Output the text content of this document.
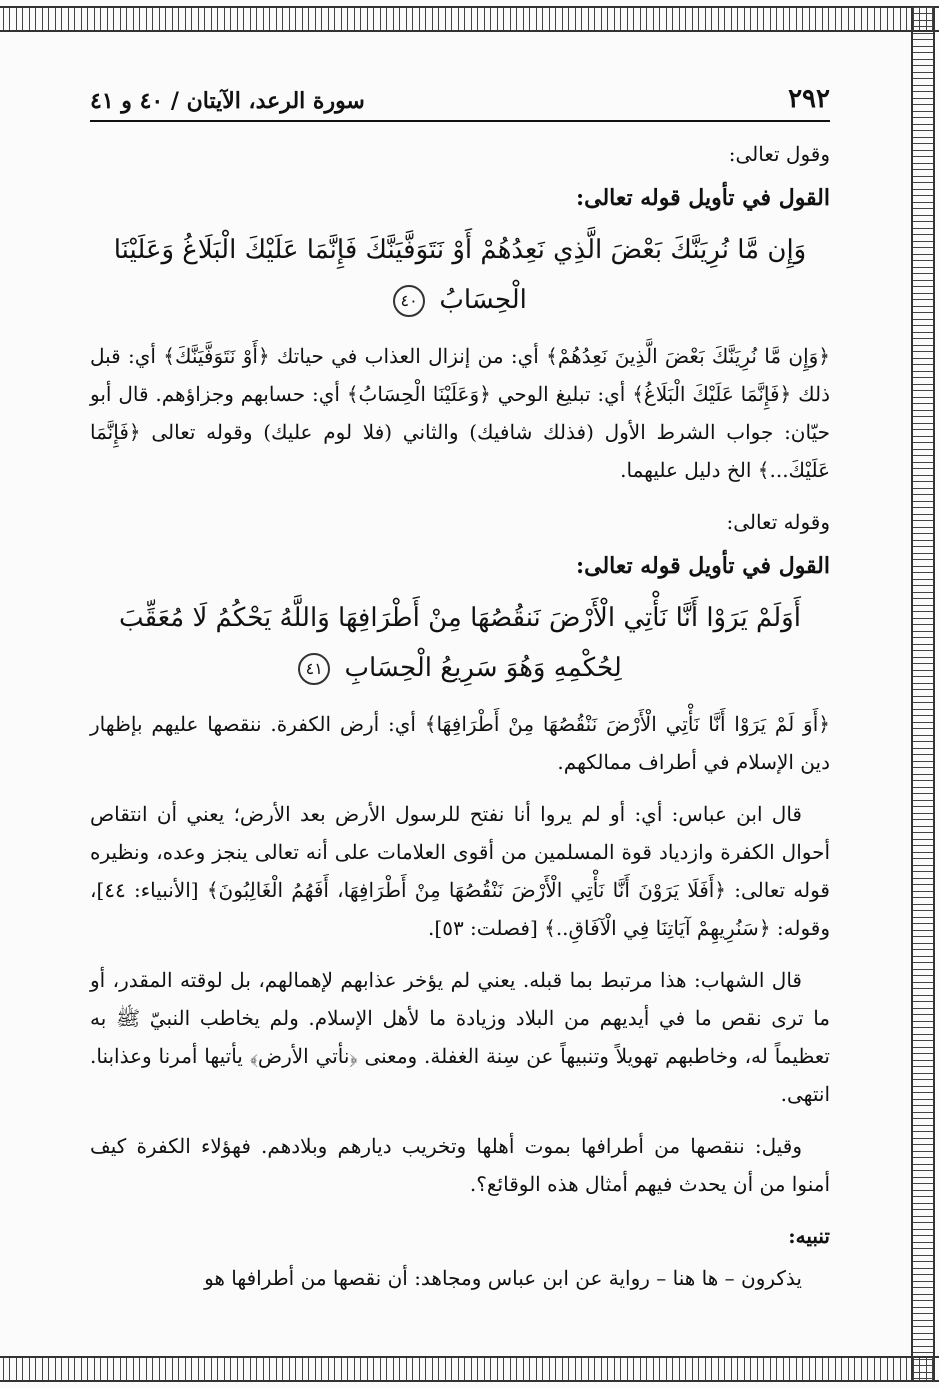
٢٩٢
سورة الرعد، الآيتان / ٤٠ و ٤١

وقول تعالى:

القول في تأويل قوله تعالى:

وَإِن مَّا نُرِيَنَّكَ بَعْضَ الَّذِي نَعِدُهُمْ أَوْ نَتَوَفَّيَنَّكَ فَإِنَّمَا عَلَيْكَ الْبَلَاغُ وَعَلَيْنَا الْحِسَابُ ٤٠

﴿وَإِن مَّا نُرِيَنَّكَ بَعْضَ الَّذِينَ نَعِدُهُمْ﴾ أي: من إنزال العذاب في حياتك ﴿أَوْ نَتَوَفَّيَنَّكَ﴾ أي: قبل ذلك ﴿فَإِنَّمَا عَلَيْكَ الْبَلَاغُ﴾ أي: تبليغ الوحي ﴿وَعَلَيْنَا الْحِسَابُ﴾ أي: حسابهم وجزاؤهم. قال أبو حيّان: جواب الشرط الأول (فذلك شافيك) والثاني (فلا لوم عليك) وقوله تعالى ﴿فَإِنَّمَا عَلَيْكَ...﴾ الخ دليل عليهما.

وقوله تعالى:

القول في تأويل قوله تعالى:

أَوَلَمْ يَرَوْا أَنَّا نَأْتِي الْأَرْضَ نَنقُصُهَا مِنْ أَطْرَافِهَا وَاللَّهُ يَحْكُمُ لَا مُعَقِّبَ لِحُكْمِهِ وَهُوَ سَرِيعُ الْحِسَابِ ٤١

﴿أَوَ لَمْ يَرَوْا أَنَّا نَأْتِي الْأَرْضَ نَنْقُصُهَا مِنْ أَطْرَافِهَا﴾ أي: أرض الكفرة. ننقصها عليهم بإظهار دين الإسلام في أطراف ممالكهم.

قال ابن عباس: أي: أو لم يروا أنا نفتح للرسول الأرض بعد الأرض؛ يعني أن انتقاص أحوال الكفرة وازدياد قوة المسلمين من أقوى العلامات على أنه تعالى ينجز وعده، ونظيره قوله تعالى: ﴿أَفَلَا يَرَوْنَ أَنَّا نَأْتِي الْأَرْضَ نَنْقُصُهَا مِنْ أَطْرَافِهَا، أَفَهُمُ الْغَالِبُونَ﴾ [الأنبياء: ٤٤]، وقوله: ﴿سَنُرِيهِمْ آيَاتِنَا فِي الْآفَاقِ..﴾ [فصلت: ٥٣].

قال الشهاب: هذا مرتبط بما قبله. يعني لم يؤخر عذابهم لإهمالهم، بل لوقته المقدر، أو ما ترى نقص ما في أيديهم من البلاد وزيادة ما لأهل الإسلام. ولم يخاطب النبيّ ﷺ به تعظيماً له، وخاطبهم تهويلاً وتنبيهاً عن سِنة الغفلة. ومعنى ﴿نأتي الأرض﴾ يأتيها أمرنا وعذابنا. انتهى.

وقيل: ننقصها من أطرافها بموت أهلها وتخريب ديارهم وبلادهم. فهؤلاء الكفرة كيف أمنوا من أن يحدث فيهم أمثال هذه الوقائع؟.

تنبيه:

يذكرون – ها هنا – رواية عن ابن عباس ومجاهد: أن نقصها من أطرافها هو
